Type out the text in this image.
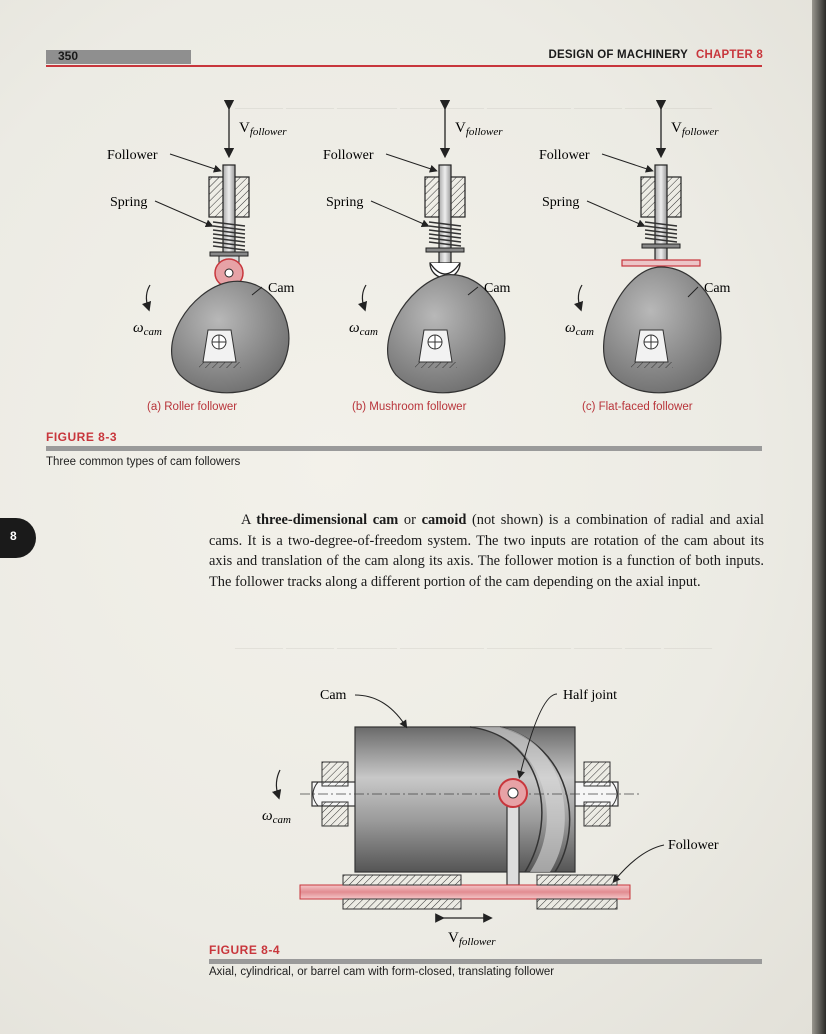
———— ———— ————— ——————— ——————— ———— ——— ————
———— ———— ————— ——————— ——————— ———— ——— ————
350	DESIGN OF MACHINERY CHAPTER 8
$V_{follower}$
Follower
Spring
Cam
$\omega_{cam}$
$V_{follower}$
Follower
Spring
Cam
$\omega_{cam}$
$V_{follower}$
Follower
Spring
Cam
$\omega_{cam}$
(a) Roller follower	(b) Mushroom follower	(c) Flat-faced follower
FIGURE 8-3
Three common types of cam followers
8

A three-dimensional cam or camoid (not shown) is a combination of radial and axial cams. It is a two-degree-of-freedom system. The two inputs are rotation of the cam about its axis and translation of the cam along its axis. The follower motion is a function of both inputs. The follower tracks along a different portion of the cam depending on the axial input.

Cam	Half joint
Follower
$\omega_{cam}$
$V_{follower}$
FIGURE 8-4
Axial, cylindrical, or barrel cam with form-closed, translating follower
